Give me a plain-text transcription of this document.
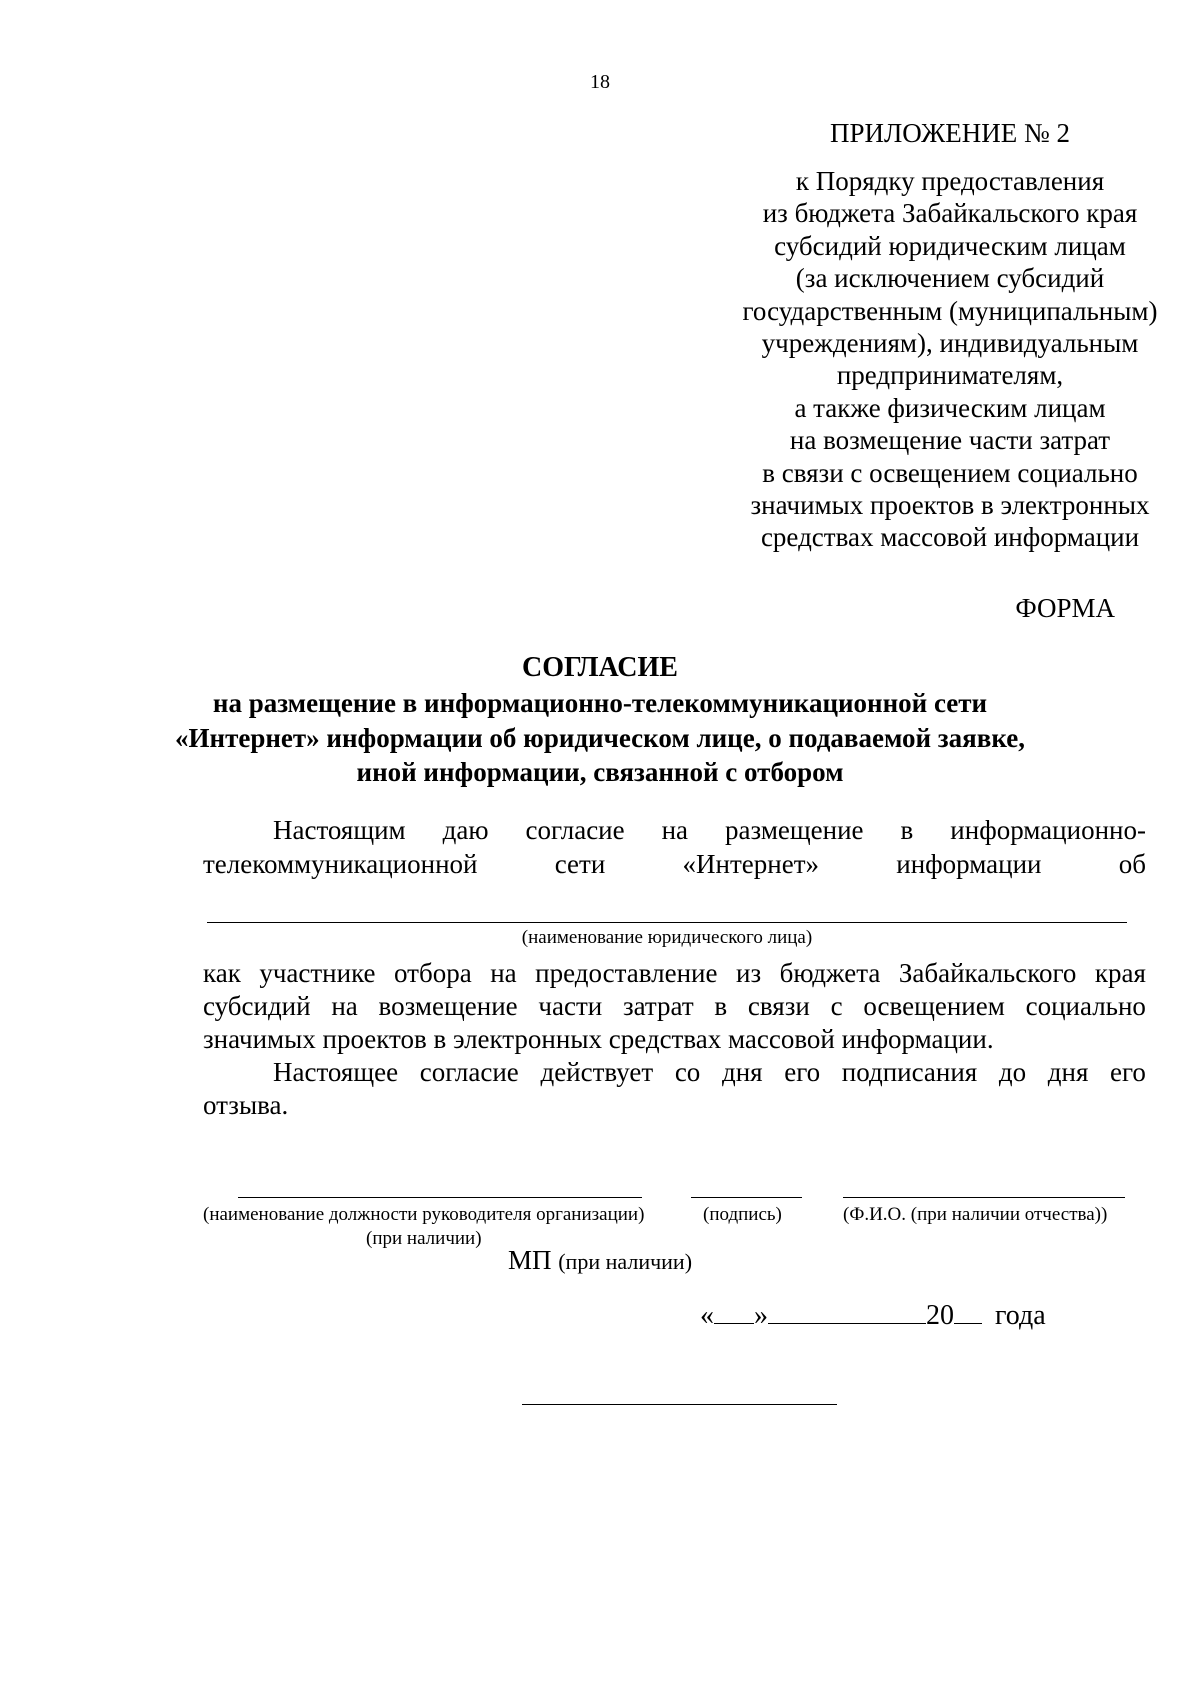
18
ПРИЛОЖЕНИЕ № 2
к Порядку предоставления
из бюджета Забайкальского края
субсидий юридическим лицам
(за исключением субсидий
государственным (муниципальным)
учреждениям), индивидуальным
предпринимателям,
а также физическим лицам
на возмещение части затрат
в связи с освещением социально
значимых проектов в электронных
средствах массовой информации
ФОРМА
СОГЛАСИЕ
на размещение в информационно-телекоммуникационной сети
«Интернет» информации об юридическом лице, о подаваемой заявке,
иной информации, связанной с отбором
Настоящим даю согласие на размещение в информационно-
телекоммуникационной	сети	«Интернет»	информации	об
(наименование юридического лица)
как участнике отбора на предоставление из бюджета Забайкальского края
субсидий на возмещение части затрат в связи с освещением социально
значимых проектов в электронных средствах массовой информации.
Настоящее согласие действует со дня его подписания до дня его
отзыва.
(наименование должности руководителя организации)
(при наличии)
(подпись)	(Ф.И.О. (при наличии отчества))
МП (при наличии)
« »	20 года
